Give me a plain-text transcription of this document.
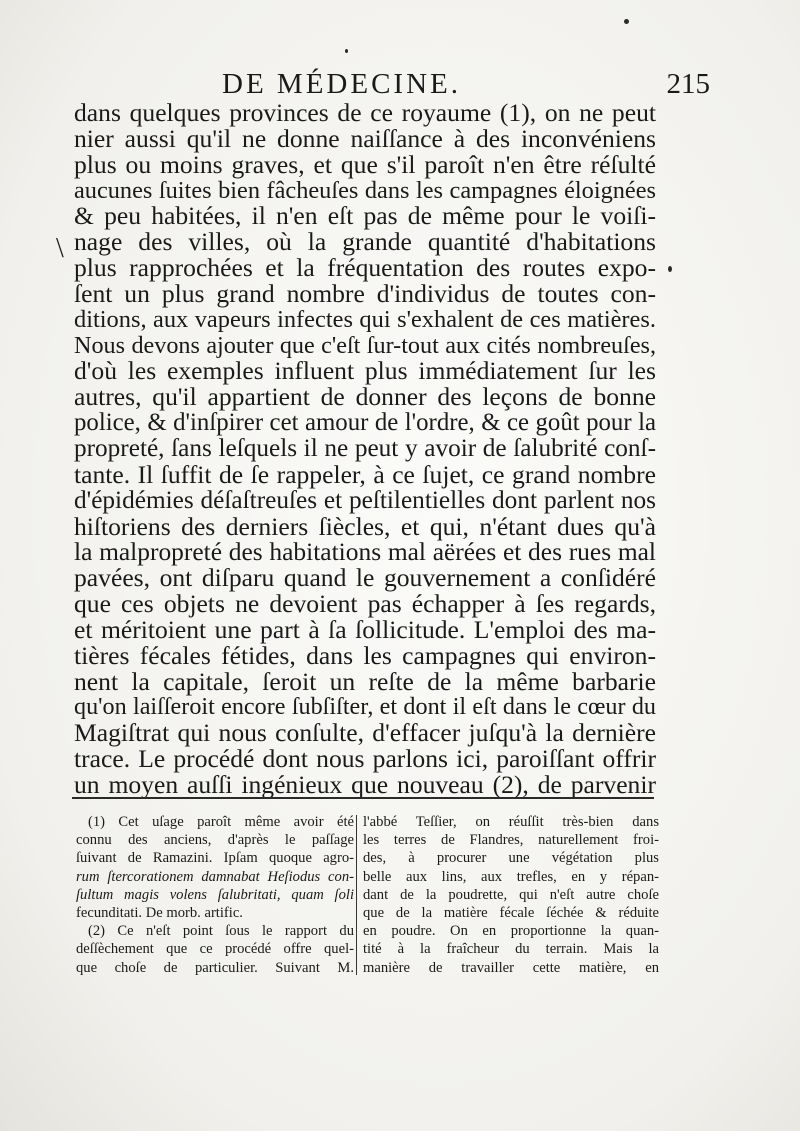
DE MÉDECINE.	215
\
dans quelques provinces de ce royaume (1), on ne peut
nier aussi qu'il ne donne naiſſance à des inconvéniens
plus ou moins graves, et que s'il paroît n'en être réſulté
aucunes ſuites bien fâcheuſes dans les campagnes éloignées
& peu habitées, il n'en eſt pas de même pour le voiſi-
nage des villes, où la grande quantité d'habitations
plus rapprochées et la fréquentation des routes expo-
ſent un plus grand nombre d'individus de toutes con-
ditions, aux vapeurs infectes qui s'exhalent de ces matières.
Nous devons ajouter que c'eſt ſur-tout aux cités nombreuſes,
d'où les exemples influent plus immédiatement ſur les
autres, qu'il appartient de donner des leçons de bonne
police, & d'inſpirer cet amour de l'ordre, & ce goût pour la
propreté, ſans leſquels il ne peut y avoir de ſalubrité conſ-
tante. Il ſuffit de ſe rappeler, à ce ſujet, ce grand nombre
d'épidémies déſaſtreuſes et peſtilentielles dont parlent nos
hiſtoriens des derniers ſiècles, et qui, n'étant dues qu'à
la malpropreté des habitations mal aërées et des rues mal
pavées, ont diſparu quand le gouvernement a conſidéré
que ces objets ne devoient pas échapper à ſes regards,
et méritoient une part à ſa ſollicitude. L'emploi des ma-
tières fécales fétides, dans les campagnes qui environ-
nent la capitale, ſeroit un reſte de la même barbarie
qu'on laiſſeroit encore ſubſiſter, et dont il eſt dans le cœur du
Magiſtrat qui nous conſulte, d'effacer juſqu'à la dernière
trace. Le procédé dont nous parlons ici, paroiſſant offrir
un moyen auſſi ingénieux que nouveau (2), de parvenir
(1) Cet uſage paroît même avoir été
connu des anciens, d'après le paſſage
ſuivant de Ramazini. Ipſam quoque agro-
rum ſtercorationem damnabat Heſiodus con-
ſultum magis volens ſalubritati, quam ſoli
fecunditati. De morb. artific.
(2) Ce n'eſt point ſous le rapport du
deſſèchement que ce procédé offre quel-
que choſe de particulier. Suivant M.
l'abbé Teſſier, on réuſſit très-bien dans
les terres de Flandres, naturellement froi-
des, à procurer une végétation plus
belle aux lins, aux trefles, en y répan-
dant de la poudrette, qui n'eſt autre choſe
que de la matière fécale ſéchée & réduite
en poudre. On en proportionne la quan-
tité à la fraîcheur du terrain. Mais la
manière de travailler cette matière, en
